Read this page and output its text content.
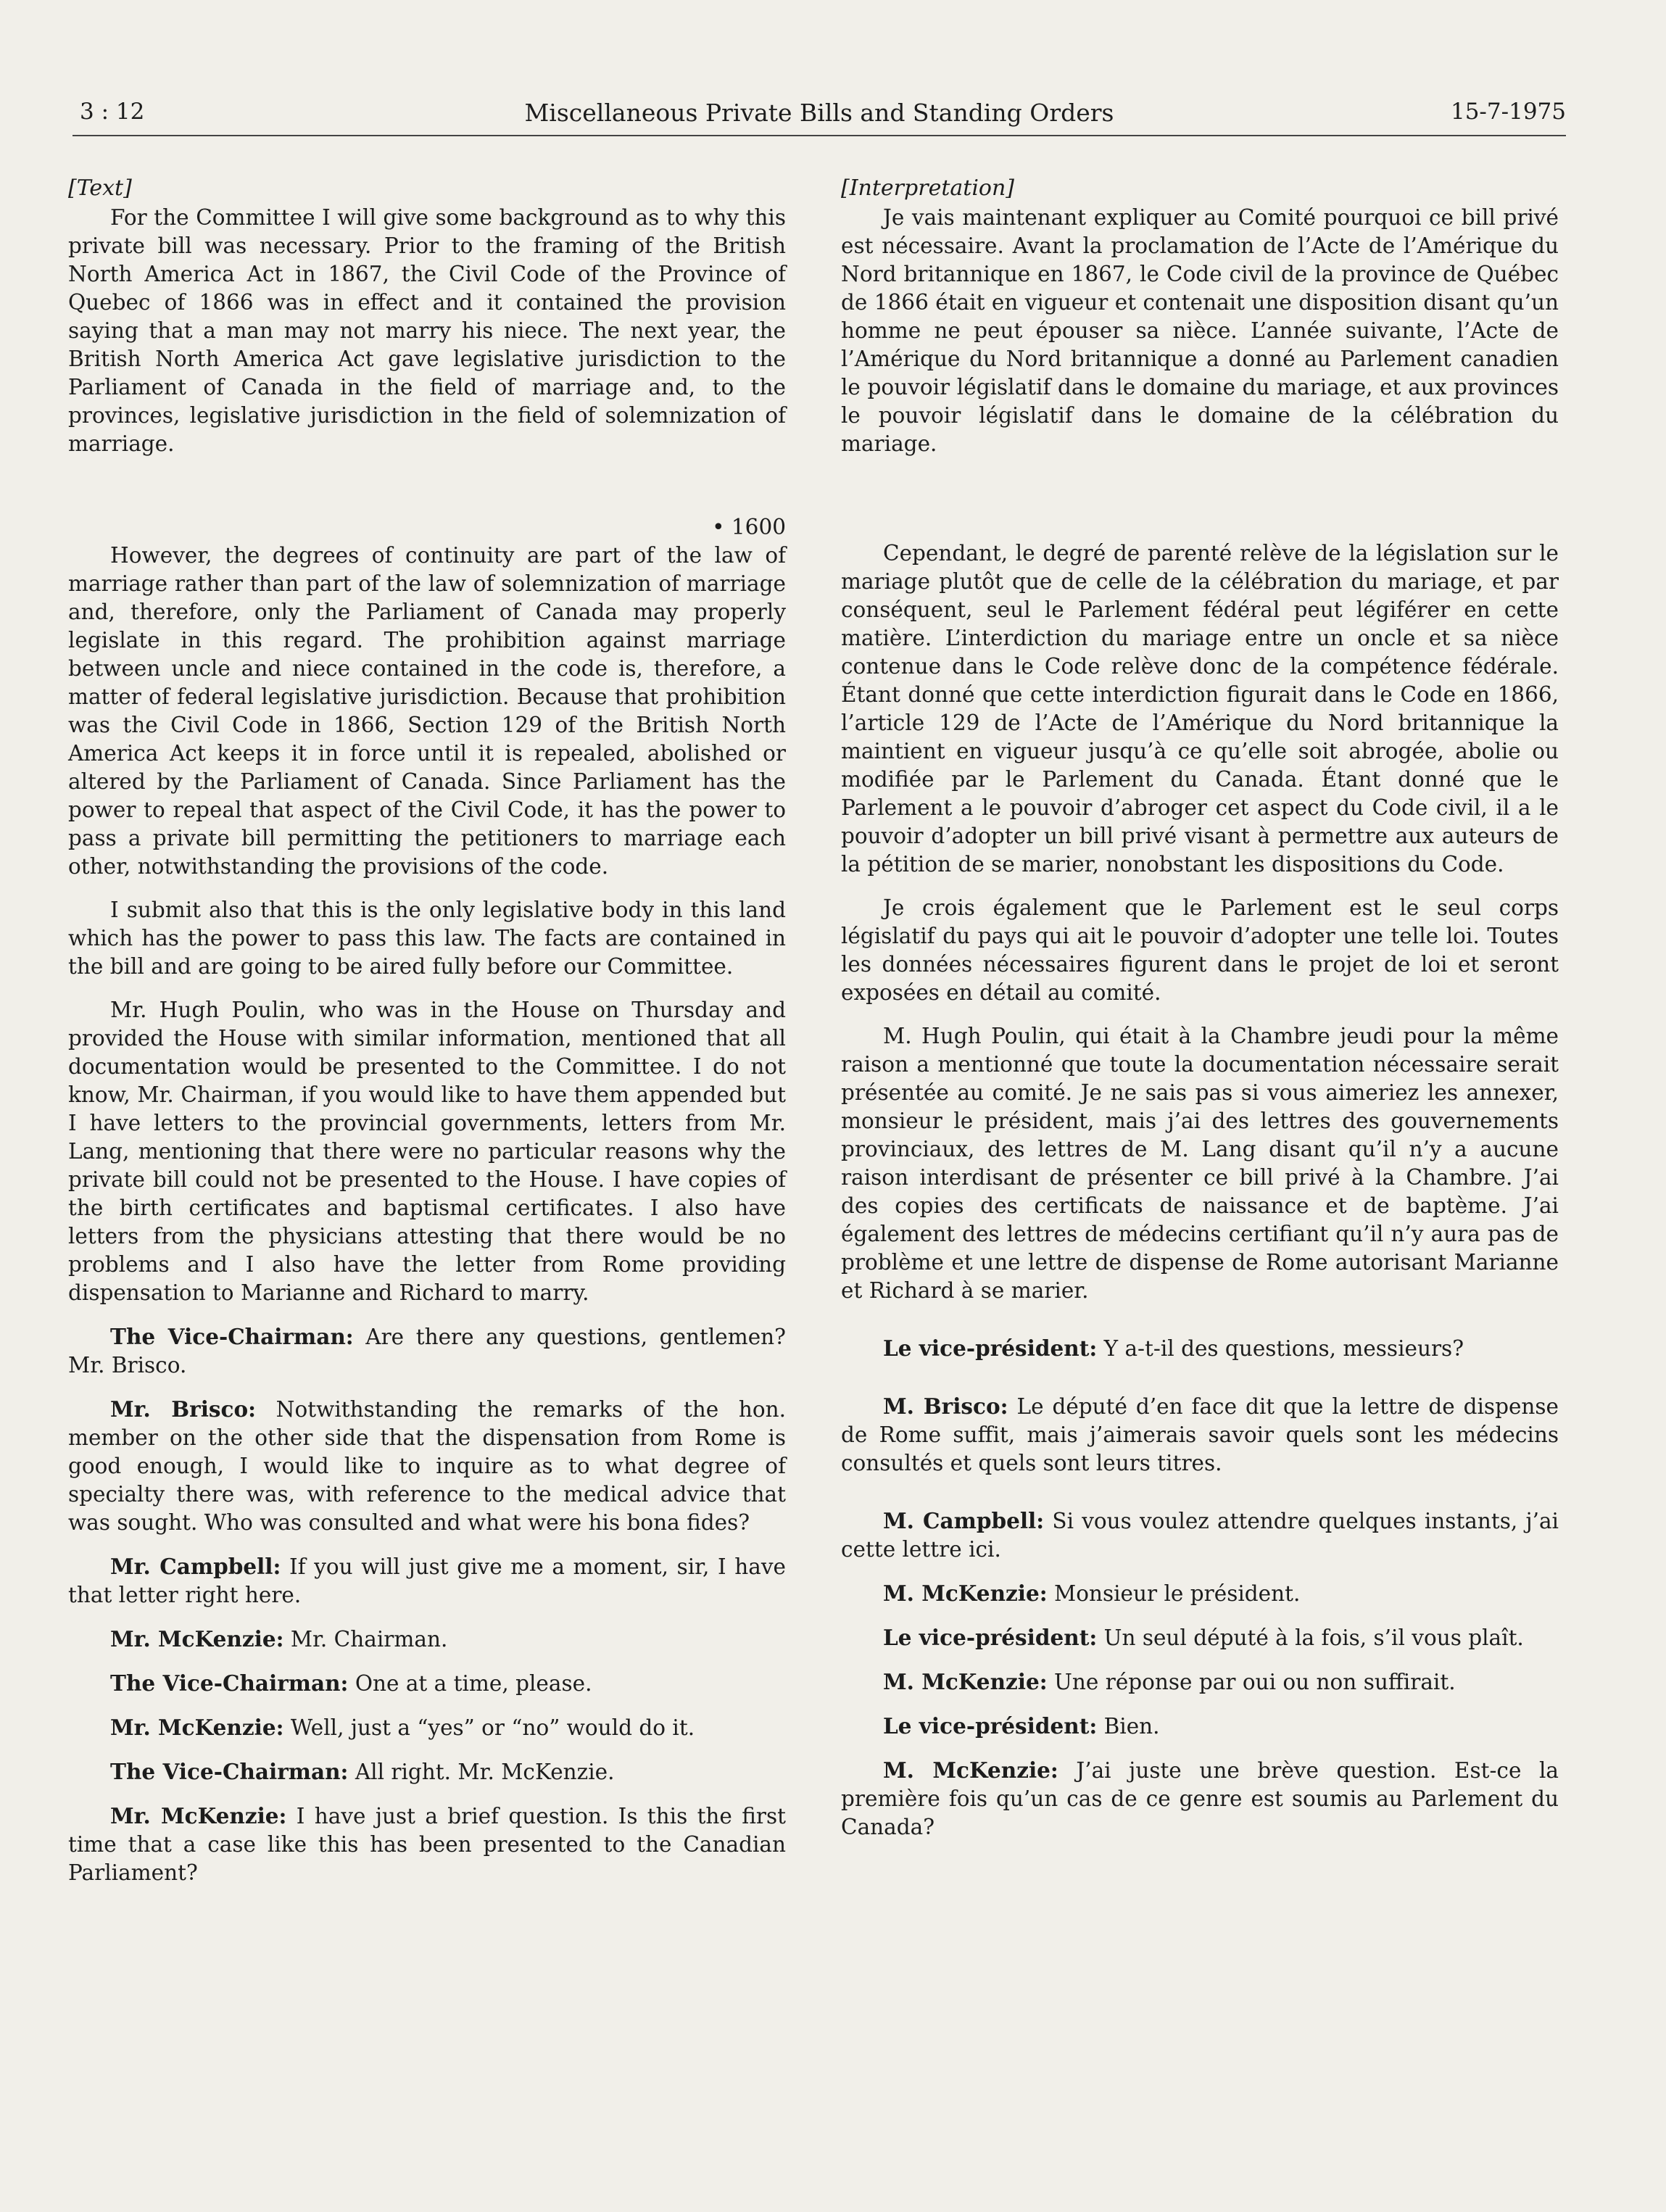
3 : 12	Miscellaneous Private Bills and Standing Orders	15-7-1975
[Text]

For the Committee I will give some background as to why this private bill was necessary. Prior to the framing of the British North America Act in 1867, the Civil Code of the Province of Quebec of 1866 was in effect and it contained the provision saying that a man may not marry his niece. The next year, the British North America Act gave legislative jurisdiction to the Parliament of Canada in the field of marriage and, to the provinces, legislative jurisdiction in the field of solemnization of marriage.

• 1600

However, the degrees of continuity are part of the law of marriage rather than part of the law of solemnization of marriage and, therefore, only the Parliament of Canada may properly legislate in this regard. The prohibition against marriage between uncle and niece contained in the code is, therefore, a matter of federal legislative jurisdiction. Because that prohibition was the Civil Code in 1866, Section 129 of the British North America Act keeps it in force until it is repealed, abolished or altered by the Parliament of Canada. Since Parliament has the power to repeal that aspect of the Civil Code, it has the power to pass a private bill permitting the petitioners to marriage each other, notwithstanding the provisions of the code.

I submit also that this is the only legislative body in this land which has the power to pass this law. The facts are contained in the bill and are going to be aired fully before our Committee.

Mr. Hugh Poulin, who was in the House on Thursday and provided the House with similar information, mentioned that all documentation would be presented to the Committee. I do not know, Mr. Chairman, if you would like to have them appended but I have letters to the provincial governments, letters from Mr. Lang, mentioning that there were no particular reasons why the private bill could not be presented to the House. I have copies of the birth certificates and baptismal certificates. I also have letters from the physicians attesting that there would be no problems and I also have the letter from Rome providing dispensation to Marianne and Richard to marry.

The Vice-Chairman: Are there any questions, gentlemen? Mr. Brisco.

Mr. Brisco: Notwithstanding the remarks of the hon. member on the other side that the dispensation from Rome is good enough, I would like to inquire as to what degree of specialty there was, with reference to the medical advice that was sought. Who was consulted and what were his bona fides?

Mr. Campbell: If you will just give me a moment, sir, I have that letter right here.

Mr. McKenzie: Mr. Chairman.

The Vice-Chairman: One at a time, please.

Mr. McKenzie: Well, just a “yes” or “no” would do it.

The Vice-Chairman: All right. Mr. McKenzie.

Mr. McKenzie: I have just a brief question. Is this the first time that a case like this has been presented to the Canadian Parliament?

[Interpretation]

Je vais maintenant expliquer au Comité pourquoi ce bill privé est nécessaire. Avant la proclamation de l’Acte de l’Amérique du Nord britannique en 1867, le Code civil de la province de Québec de 1866 était en vigueur et contenait une disposition disant qu’un homme ne peut épouser sa nièce. L’année suivante, l’Acte de l’Amérique du Nord britannique a donné au Parlement canadien le pouvoir législatif dans le domaine du mariage, et aux provinces le pouvoir législatif dans le domaine de la célébration du mariage.

Cependant, le degré de parenté relève de la législation sur le mariage plutôt que de celle de la célébration du mariage, et par conséquent, seul le Parlement fédéral peut légiférer en cette matière. L’interdiction du mariage entre un oncle et sa nièce contenue dans le Code relève donc de la compétence fédérale. Étant donné que cette interdiction figurait dans le Code en 1866, l’article 129 de l’Acte de l’Amérique du Nord britannique la maintient en vigueur jusqu’à ce qu’elle soit abrogée, abolie ou modifiée par le Parlement du Canada. Étant donné que le Parlement a le pouvoir d’abroger cet aspect du Code civil, il a le pouvoir d’adopter un bill privé visant à permettre aux auteurs de la pétition de se marier, nonobstant les dispositions du Code.

Je crois également que le Parlement est le seul corps législatif du pays qui ait le pouvoir d’adopter une telle loi. Toutes les données nécessaires figurent dans le projet de loi et seront exposées en détail au comité.

M. Hugh Poulin, qui était à la Chambre jeudi pour la même raison a mentionné que toute la documentation nécessaire serait présentée au comité. Je ne sais pas si vous aimeriez les annexer, monsieur le président, mais j’ai des lettres des gouvernements provinciaux, des lettres de M. Lang disant qu’il n’y a aucune raison interdisant de présenter ce bill privé à la Chambre. J’ai des copies des certificats de naissance et de baptème. J’ai également des lettres de médecins certifiant qu’il n’y aura pas de problème et une lettre de dispense de Rome autorisant Marianne et Richard à se marier.

Le vice-président: Y a-t-il des questions, messieurs?

M. Brisco: Le député d’en face dit que la lettre de dispense de Rome suffit, mais j’aimerais savoir quels sont les médecins consultés et quels sont leurs titres.

M. Campbell: Si vous voulez attendre quelques instants, j’ai cette lettre ici.

M. McKenzie: Monsieur le président.

Le vice-président: Un seul député à la fois, s’il vous plaît.

M. McKenzie: Une réponse par oui ou non suffirait.

Le vice-président: Bien.

M. McKenzie: J’ai juste une brève question. Est-ce la première fois qu’un cas de ce genre est soumis au Parlement du Canada?
